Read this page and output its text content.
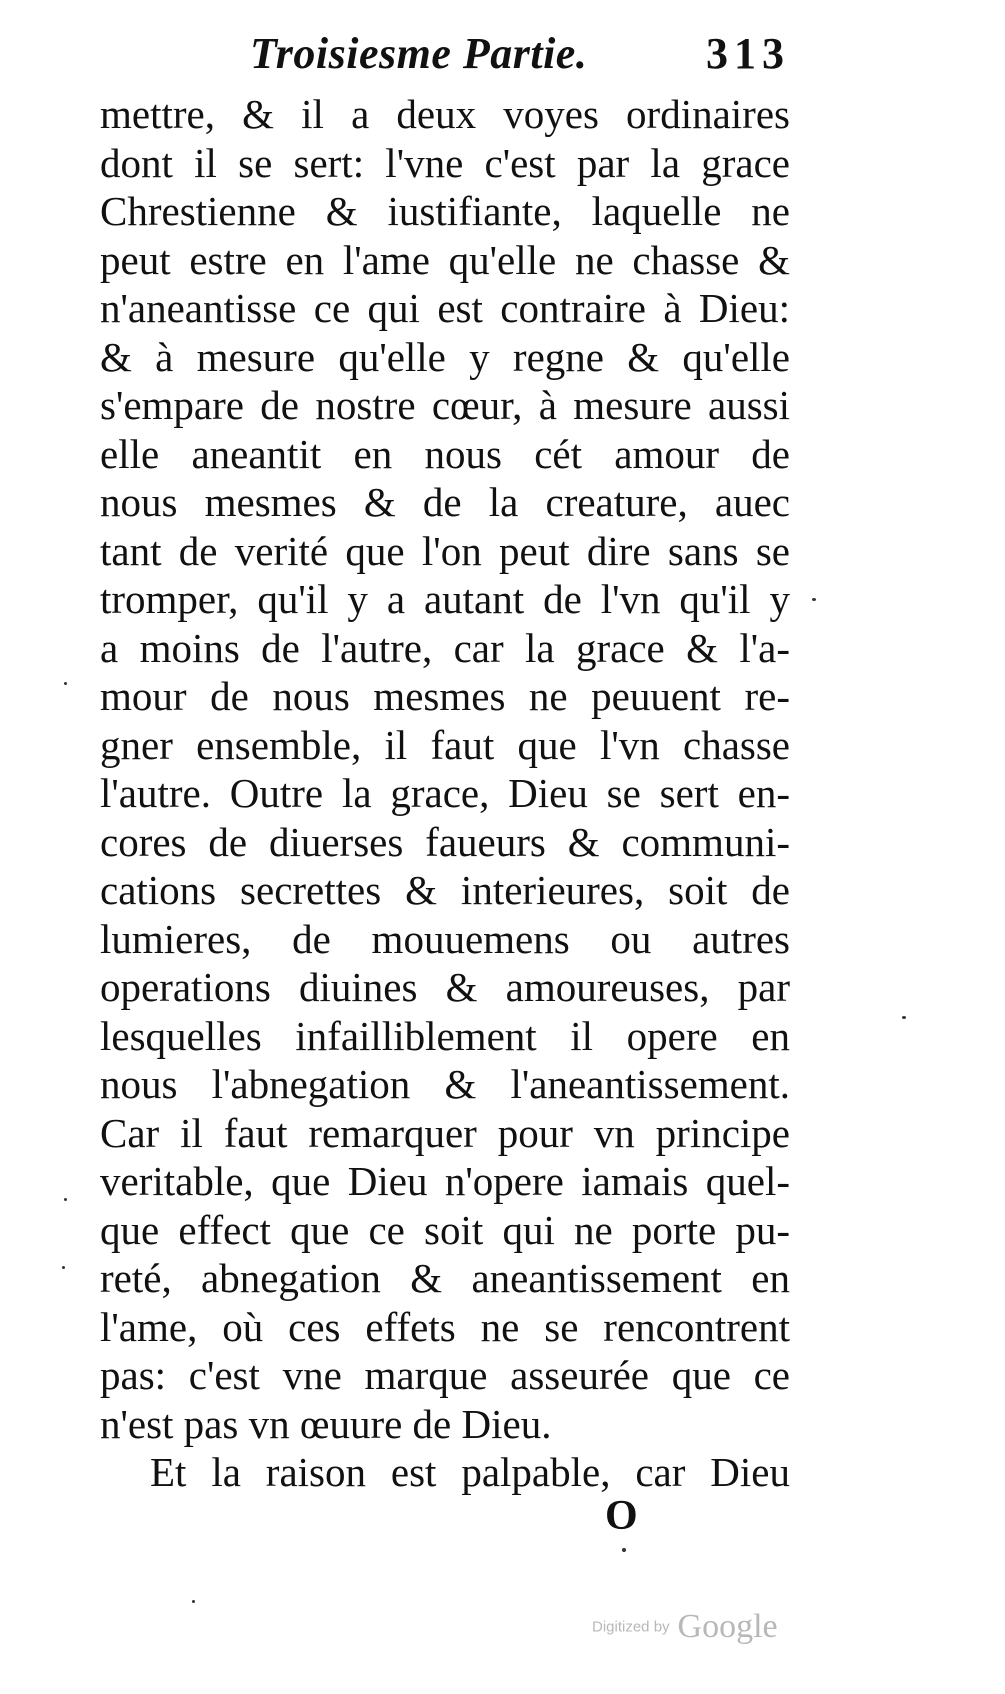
Troisiesme Partie.	313
mettre, & il a deux voyes ordinaires
dont il se sert: l'vne c'est par la grace
Chrestienne & iustifiante, laquelle ne
peut estre en l'ame qu'elle ne chasse &
n'aneantisse ce qui est contraire à Dieu:
& à mesure qu'elle y regne & qu'elle
s'empare de nostre cœur, à mesure aussi
elle aneantit en nous cét amour de
nous mesmes & de la creature, auec
tant de verité que l'on peut dire sans se
tromper, qu'il y a autant de l'vn qu'il y
a moins de l'autre, car la grace & l'a-
mour de nous mesmes ne peuuent re-
gner ensemble, il faut que l'vn chasse
l'autre. Outre la grace, Dieu se sert en-
cores de diuerses faueurs & communi-
cations secrettes & interieures, soit de
lumieres, de mouuemens ou autres
operations diuines & amoureuses, par
lesquelles infailliblement il opere en
nous l'abnegation & l'aneantissement.
Car il faut remarquer pour vn principe
veritable, que Dieu n'opere iamais quel-
que effect que ce soit qui ne porte pu-
reté, abnegation & aneantissement en
l'ame, où ces effets ne se rencontrent
pas: c'est vne marque asseurée que ce
n'est pas vn œuure de Dieu.
Et la raison est palpable, car Dieu
O
Digitized by Google
